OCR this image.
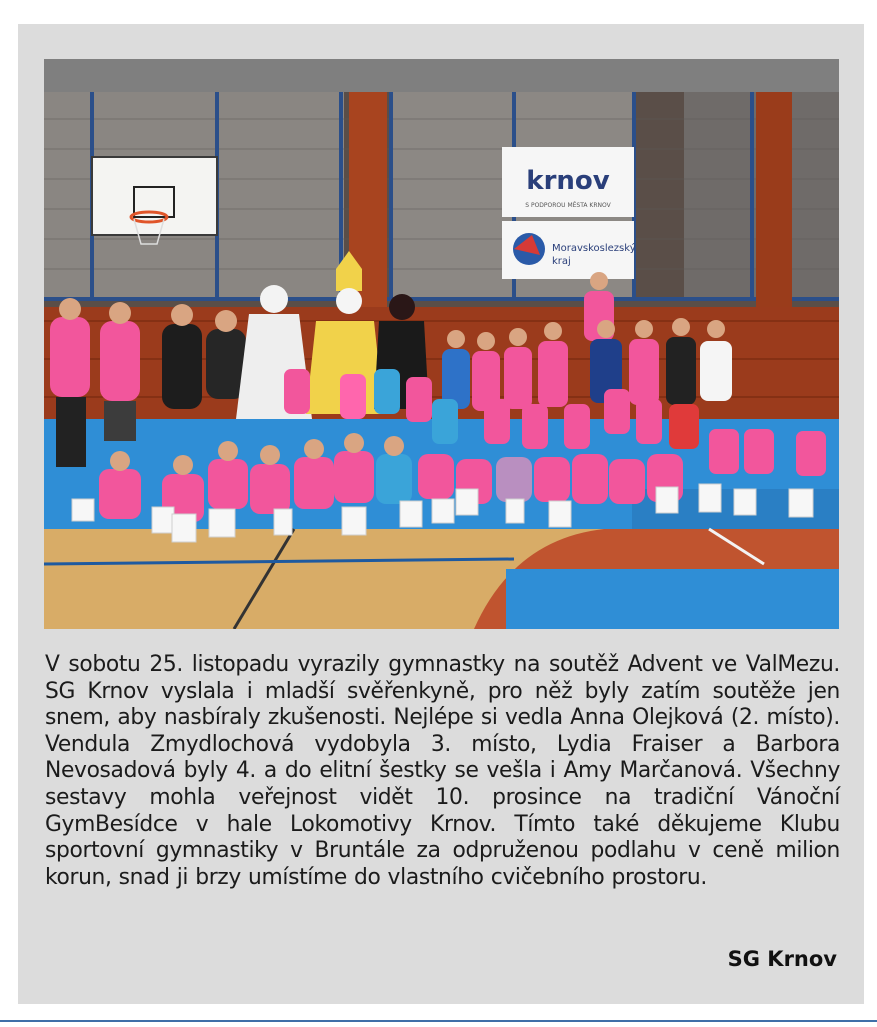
krnov
S PODPOROU MĚSTA KRNOV
Moravskoslezský
kraj

V sobotu 25. listopadu vyrazily gymnastky na soutěž Advent ve ValMezu. SG Krnov vyslala i mladší svěřenkyně, pro něž byly zatím soutěže jen snem, aby nasbíraly zkušenosti. Nejlépe si vedla Anna Olejková (2. místo). Vendula Zmydlochová vydobyla 3. místo, Lydia Fraiser a Barbora Nevosadová byly 4. a do elitní šestky se vešla i Amy Marčanová. Všechny sestavy mohla veřejnost vidět 10. prosince na tradiční Vánoční GymBesídce v hale Lokomotivy Krnov. Tímto také děkujeme Klubu sportovní gymnastiky v Bruntále za odpruženou podlahu v ceně milion korun, snad ji brzy umístíme do vlastního cvičebního prostoru.

SG Krnov
